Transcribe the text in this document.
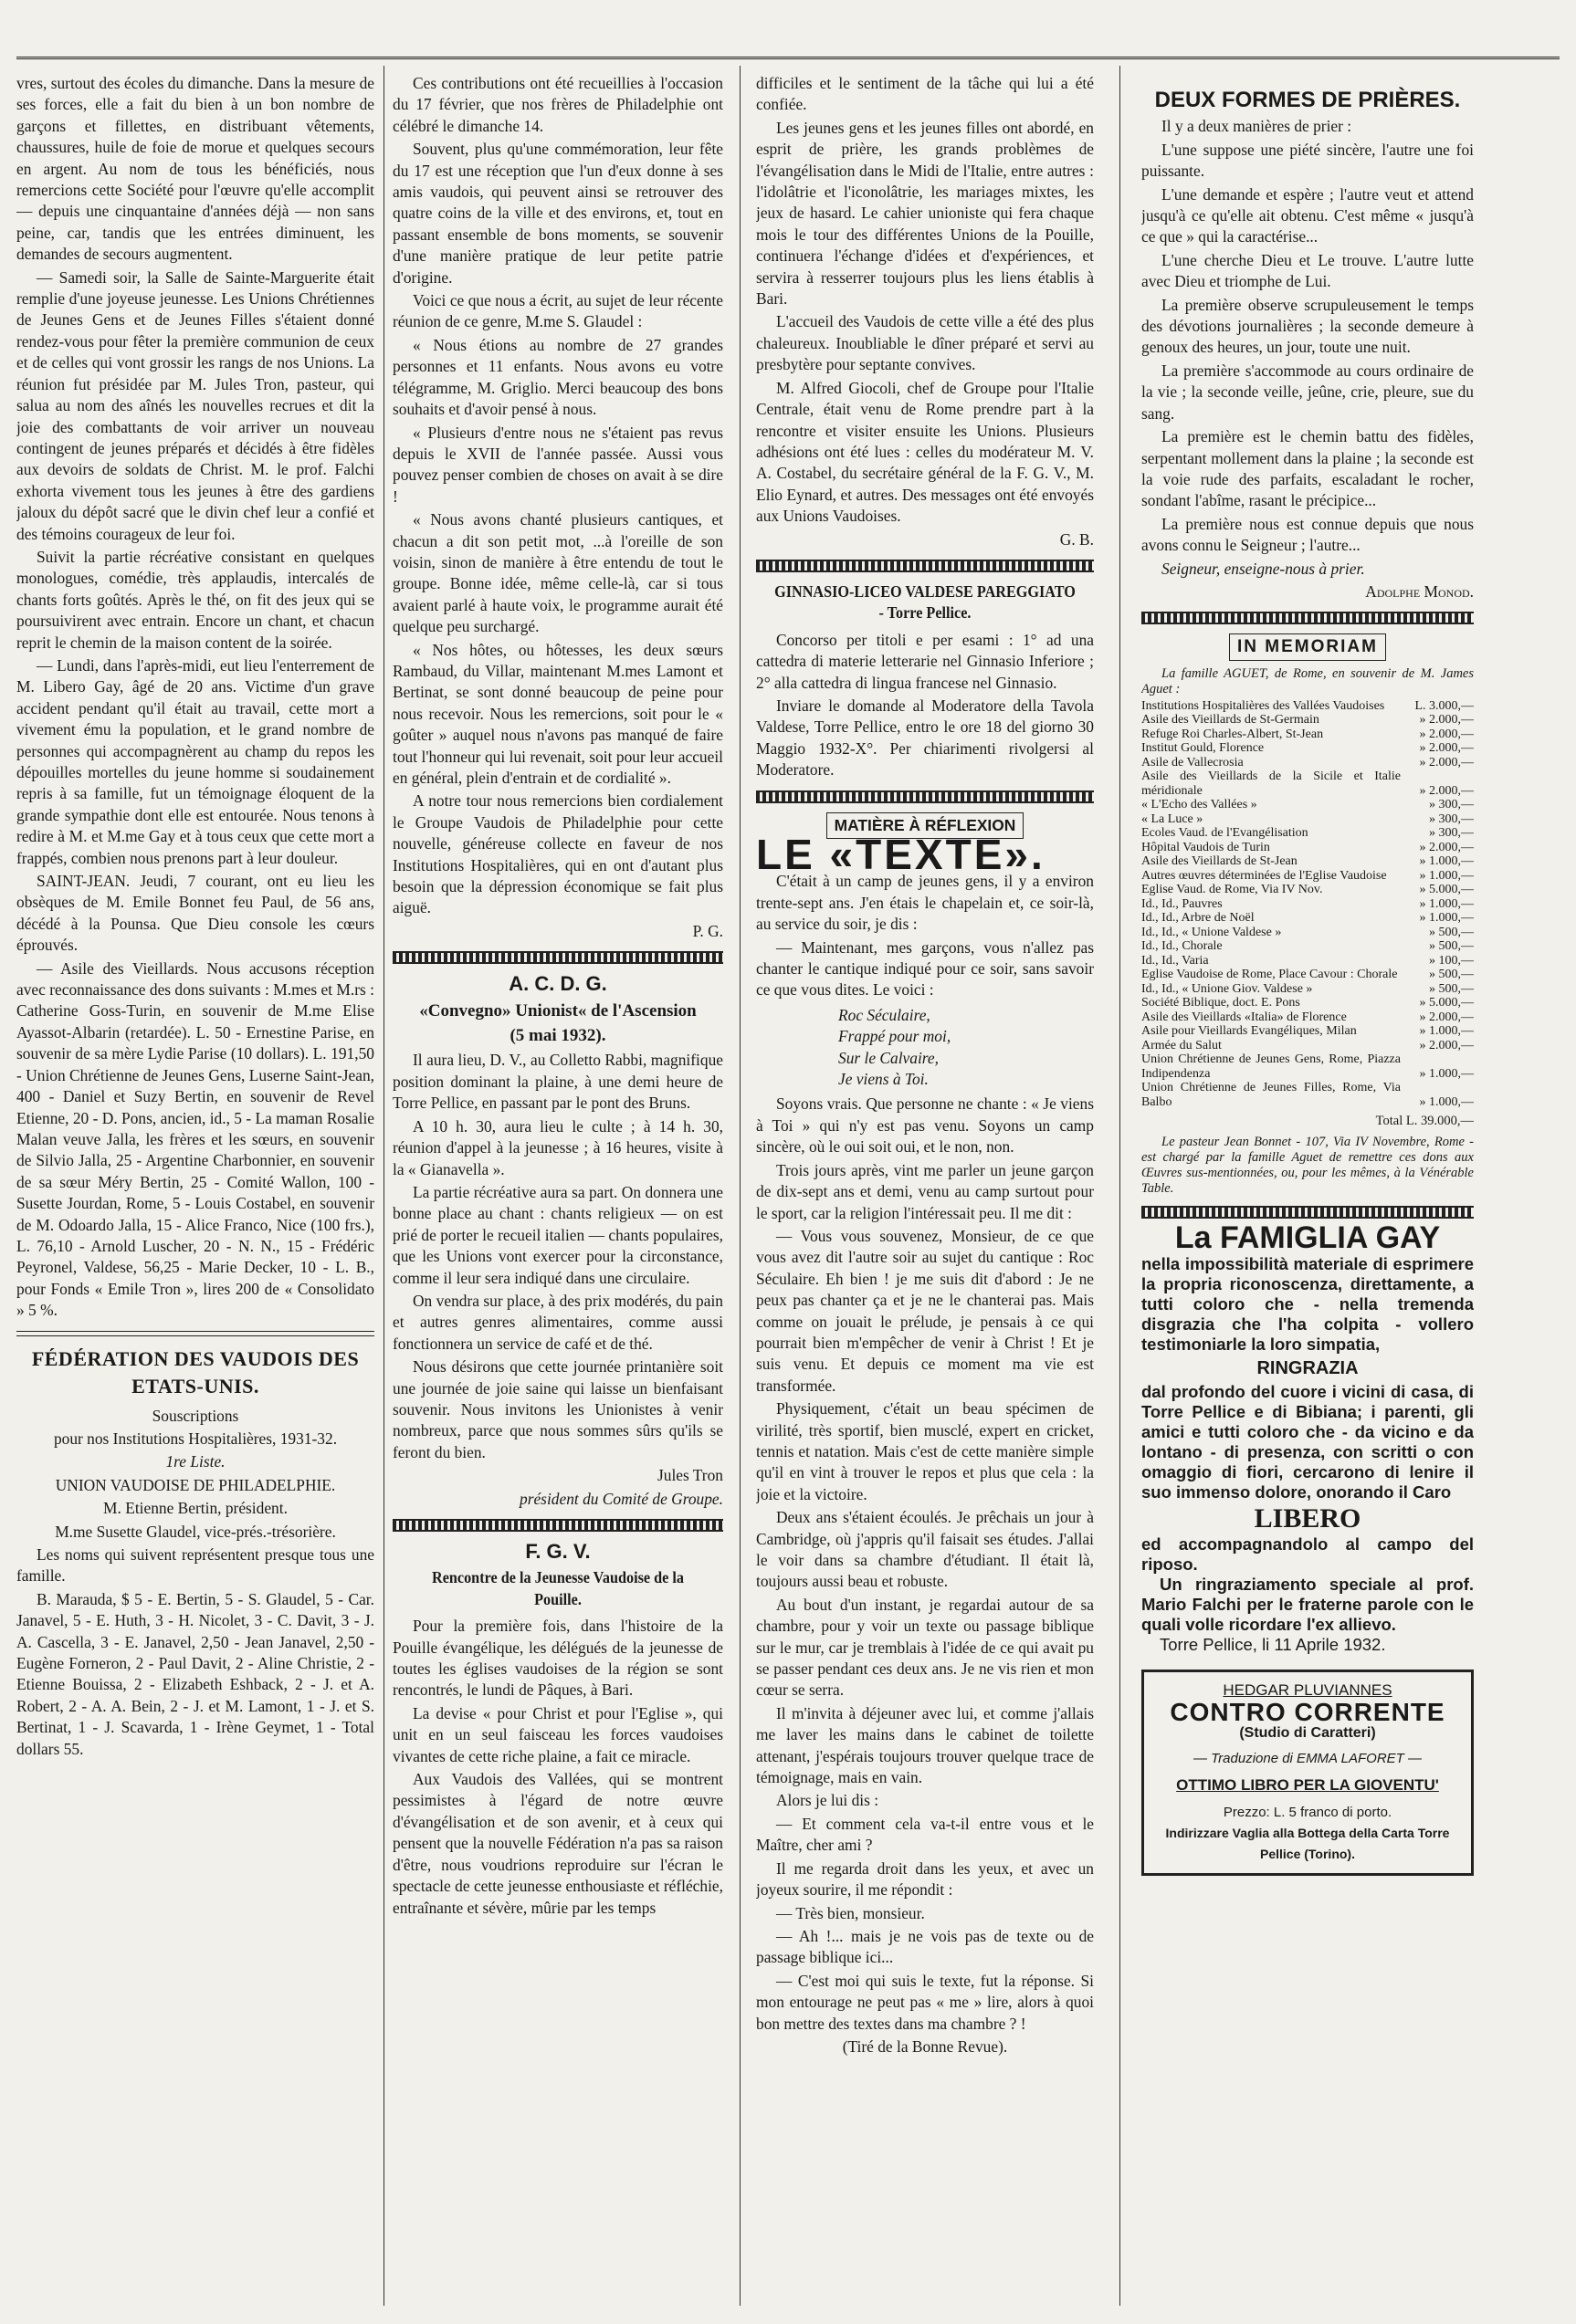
vres, surtout des écoles du dimanche. Dans la mesure de ses forces, elle a fait du bien à un bon nombre de garçons et fillettes, en distribuant vêtements, chaussures, huile de foie de morue et quelques secours en argent. Au nom de tous les bénéficiés, nous remercions cette Société pour l'œuvre qu'elle accomplit — depuis une cinquantaine d'années déjà — non sans peine, car, tandis que les entrées diminuent, les demandes de secours augmentent.

— Samedi soir, la Salle de Sainte-Marguerite était remplie d'une joyeuse jeunesse. Les Unions Chrétiennes de Jeunes Gens et de Jeunes Filles s'étaient donné rendez-vous pour fêter la première communion de ceux et de celles qui vont grossir les rangs de nos Unions. La réunion fut présidée par M. Jules Tron, pasteur, qui salua au nom des aînés les nouvelles recrues et dit la joie des combattants de voir arriver un nouveau contingent de jeunes préparés et décidés à être fidèles aux devoirs de soldats de Christ. M. le prof. Falchi exhorta vivement tous les jeunes à être des gardiens jaloux du dépôt sacré que le divin chef leur a confié et des témoins courageux de leur foi.

Suivit la partie récréative consistant en quelques monologues, comédie, très applaudis, intercalés de chants forts goûtés. Après le thé, on fit des jeux qui se poursuivirent avec entrain. Encore un chant, et chacun reprit le chemin de la maison content de la soirée.

— Lundi, dans l'après-midi, eut lieu l'enterrement de M. Libero Gay, âgé de 20 ans. Victime d'un grave accident pendant qu'il était au travail, cette mort a vivement ému la population, et le grand nombre de personnes qui accompagnèrent au champ du repos les dépouilles mortelles du jeune homme si soudainement repris à sa famille, fut un témoignage éloquent de la grande sympathie dont elle est entourée. Nous tenons à redire à M. et M.me Gay et à tous ceux que cette mort a frappés, combien nous prenons part à leur douleur.

SAINT-JEAN. Jeudi, 7 courant, ont eu lieu les obsèques de M. Emile Bonnet feu Paul, de 56 ans, décédé à la Pounsa. Que Dieu console les cœurs éprouvés.

— Asile des Vieillards. Nous accusons réception avec reconnaissance des dons suivants : M.mes et M.rs : Catherine Goss-Turin, en souvenir de M.me Elise Ayassot-Albarin (retardée). L. 50 - Ernestine Parise, en souvenir de sa mère Lydie Parise (10 dollars). L. 191,50 - Union Chrétienne de Jeunes Gens, Luserne Saint-Jean, 400 - Daniel et Suzy Bertin, en souvenir de Revel Etienne, 20 - D. Pons, ancien, id., 5 - La maman Rosalie Malan veuve Jalla, les frères et les sœurs, en souvenir de Silvio Jalla, 25 - Argentine Charbonnier, en souvenir de sa sœur Méry Bertin, 25 - Comité Wallon, 100 - Susette Jourdan, Rome, 5 - Louis Costabel, en souvenir de M. Odoardo Jalla, 15 - Alice Franco, Nice (100 frs.), L. 76,10 - Arnold Luscher, 20 - N. N., 15 - Frédéric Peyronel, Valdese, 56,25 - Marie Decker, 10 - L. B., pour Fonds « Emile Tron », lires 200 de « Consolidato » 5 %.

FÉDÉRATION DES VAUDOIS DES ETATS-UNIS.

Souscriptions

pour nos Institutions Hospitalières, 1931-32.

1re Liste.

UNION VAUDOISE DE PHILADELPHIE.

M. Etienne Bertin, président.

M.me Susette Glaudel, vice-prés.-trésorière.

Les noms qui suivent représentent presque tous une famille.

B. Marauda, $ 5 - E. Bertin, 5 - S. Glaudel, 5 - Car. Janavel, 5 - E. Huth, 3 - H. Nicolet, 3 - C. Davit, 3 - J. A. Cascella, 3 - E. Janavel, 2,50 - Jean Janavel, 2,50 - Eugène Forneron, 2 - Paul Davit, 2 - Aline Christie, 2 - Etienne Bouissa, 2 - Elizabeth Eshback, 2 - J. et A. Robert, 2 - A. A. Bein, 2 - J. et M. Lamont, 1 - J. et S. Bertinat, 1 - J. Scavarda, 1 - Irène Geymet, 1 - Total dollars 55.

Ces contributions ont été recueillies à l'occasion du 17 février, que nos frères de Philadelphie ont célébré le dimanche 14.

Souvent, plus qu'une commémoration, leur fête du 17 est une réception que l'un d'eux donne à ses amis vaudois, qui peuvent ainsi se retrouver des quatre coins de la ville et des environs, et, tout en passant ensemble de bons moments, se souvenir d'une manière pratique de leur petite patrie d'origine.

Voici ce que nous a écrit, au sujet de leur récente réunion de ce genre, M.me S. Glaudel :

« Nous étions au nombre de 27 grandes personnes et 11 enfants. Nous avons eu votre télégramme, M. Griglio. Merci beaucoup des bons souhaits et d'avoir pensé à nous.

« Plusieurs d'entre nous ne s'étaient pas revus depuis le XVII de l'année passée. Aussi vous pouvez penser combien de choses on avait à se dire !

« Nous avons chanté plusieurs cantiques, et chacun a dit son petit mot, ...à l'oreille de son voisin, sinon de manière à être entendu de tout le groupe. Bonne idée, même celle-là, car si tous avaient parlé à haute voix, le programme aurait été quelque peu surchargé.

« Nos hôtes, ou hôtesses, les deux sœurs Rambaud, du Villar, maintenant M.mes Lamont et Bertinat, se sont donné beaucoup de peine pour nous recevoir. Nous les remercions, soit pour le « goûter » auquel nous n'avons pas manqué de faire tout l'honneur qui lui revenait, soit pour leur accueil en général, plein d'entrain et de cordialité ».

A notre tour nous remercions bien cordialement le Groupe Vaudois de Philadelphie pour cette nouvelle, généreuse collecte en faveur de nos Institutions Hospitalières, qui en ont d'autant plus besoin que la dépression économique se fait plus aiguë.

P. G.

A. C. D. G.
«Convegno» Unionist« de l'Ascension
(5 mai 1932).

Il aura lieu, D. V., au Colletto Rabbi, magnifique position dominant la plaine, à une demi heure de Torre Pellice, en passant par le pont des Bruns.

A 10 h. 30, aura lieu le culte ; à 14 h. 30, réunion d'appel à la jeunesse ; à 16 heures, visite à la « Gianavella ».

La partie récréative aura sa part. On donnera une bonne place au chant : chants religieux — on est prié de porter le recueil italien — chants populaires, que les Unions vont exercer pour la circonstance, comme il leur sera indiqué dans une circulaire.

On vendra sur place, à des prix modérés, du pain et autres genres alimentaires, comme aussi fonctionnera un service de café et de thé.

Nous désirons que cette journée printanière soit une journée de joie saine qui laisse un bienfaisant souvenir. Nous invitons les Unionistes à venir nombreux, parce que nous sommes sûrs qu'ils se feront du bien.

Jules Tron

président du Comité de Groupe.

F. G. V.
Rencontre de la Jeunesse Vaudoise de la Pouille.

Pour la première fois, dans l'histoire de la Pouille évangélique, les délégués de la jeunesse de toutes les églises vaudoises de la région se sont rencontrés, le lundi de Pâques, à Bari.

La devise « pour Christ et pour l'Eglise », qui unit en un seul faisceau les forces vaudoises vivantes de cette riche plaine, a fait ce miracle.

Aux Vaudois des Vallées, qui se montrent pessimistes à l'égard de notre œuvre d'évangélisation et de son avenir, et à ceux qui pensent que la nouvelle Fédération n'a pas sa raison d'être, nous voudrions reproduire sur l'écran le spectacle de cette jeunesse enthousiaste et réfléchie, entraînante et sévère, mûrie par les temps

difficiles et le sentiment de la tâche qui lui a été confiée.

Les jeunes gens et les jeunes filles ont abordé, en esprit de prière, les grands problèmes de l'évangélisation dans le Midi de l'Italie, entre autres : l'idolâtrie et l'iconolâtrie, les mariages mixtes, les jeux de hasard. Le cahier unioniste qui fera chaque mois le tour des différentes Unions de la Pouille, continuera l'échange d'idées et d'expériences, et servira à resserrer toujours plus les liens établis à Bari.

L'accueil des Vaudois de cette ville a été des plus chaleureux. Inoubliable le dîner préparé et servi au presbytère pour septante convives.

M. Alfred Giocoli, chef de Groupe pour l'Italie Centrale, était venu de Rome prendre part à la rencontre et visiter ensuite les Unions. Plusieurs adhésions ont été lues : celles du modérateur M. V. A. Costabel, du secrétaire général de la F. G. V., M. Elio Eynard, et autres. Des messages ont été envoyés aux Unions Vaudoises.

G. B.

GINNASIO-LICEO VALDESE PAREGGIATO - Torre Pellice.

Concorso per titoli e per esami : 1° ad una cattedra di materie letterarie nel Ginnasio Inferiore ; 2° alla cattedra di lingua francese nel Ginnasio.

Inviare le domande al Moderatore della Tavola Valdese, Torre Pellice, entro le ore 18 del giorno 30 Maggio 1932-X°. Per chiarimenti rivolgersi al Moderatore.

MATIÈRE À RÉFLEXION
LE «TEXTE».

C'était à un camp de jeunes gens, il y a environ trente-sept ans. J'en étais le chapelain et, ce soir-là, au service du soir, je dis :

— Maintenant, mes garçons, vous n'allez pas chanter le cantique indiqué pour ce soir, sans savoir ce que vous dites. Le voici :

Roc Séculaire,
Frappé pour moi,
Sur le Calvaire,
Je viens à Toi.

Soyons vrais. Que personne ne chante : « Je viens à Toi » qui n'y est pas venu. Soyons un camp sincère, où le oui soit oui, et le non, non.

Trois jours après, vint me parler un jeune garçon de dix-sept ans et demi, venu au camp surtout pour le sport, car la religion l'intéressait peu. Il me dit :

— Vous vous souvenez, Monsieur, de ce que vous avez dit l'autre soir au sujet du cantique : Roc Séculaire. Eh bien ! je me suis dit d'abord : Je ne peux pas chanter ça et je ne le chanterai pas. Mais comme on jouait le prélude, je pensais à ce qui pourrait bien m'empêcher de venir à Christ ! Et je suis venu. Et depuis ce moment ma vie est transformée.

Physiquement, c'était un beau spécimen de virilité, très sportif, bien musclé, expert en cricket, tennis et natation. Mais c'est de cette manière simple qu'il en vint à trouver le repos et plus que cela : la joie et la victoire.

Deux ans s'étaient écoulés. Je prêchais un jour à Cambridge, où j'appris qu'il faisait ses études. J'allai le voir dans sa chambre d'étudiant. Il était là, toujours aussi beau et robuste.

Au bout d'un instant, je regardai autour de sa chambre, pour y voir un texte ou passage biblique sur le mur, car je tremblais à l'idée de ce qui avait pu se passer pendant ces deux ans. Je ne vis rien et mon cœur se serra.

Il m'invita à déjeuner avec lui, et comme j'allais me laver les mains dans le cabinet de toilette attenant, j'espérais toujours trouver quelque trace de témoignage, mais en vain.

Alors je lui dis :

— Et comment cela va-t-il entre vous et le Maître, cher ami ?

Il me regarda droit dans les yeux, et avec un joyeux sourire, il me répondit :

— Très bien, monsieur.

— Ah !... mais je ne vois pas de texte ou de passage biblique ici...

— C'est moi qui suis le texte, fut la réponse. Si mon entourage ne peut pas « me » lire, alors à quoi bon mettre des textes dans ma chambre ? !

(Tiré de la Bonne Revue).

DEUX FORMES DE PRIÈRES.

Il y a deux manières de prier :

L'une suppose une piété sincère, l'autre une foi puissante.

L'une demande et espère ; l'autre veut et attend jusqu'à ce qu'elle ait obtenu. C'est même « jusqu'à ce que » qui la caractérise...

L'une cherche Dieu et Le trouve. L'autre lutte avec Dieu et triomphe de Lui.

La première observe scrupuleusement le temps des dévotions journalières ; la seconde demeure à genoux des heures, un jour, toute une nuit.

La première s'accommode au cours ordinaire de la vie ; la seconde veille, jeûne, crie, pleure, sue du sang.

La première est le chemin battu des fidèles, serpentant mollement dans la plaine ; la seconde est la voie rude des parfaits, escaladant le rocher, sondant l'abîme, rasant le précipice...

La première nous est connue depuis que nous avons connu le Seigneur ; l'autre...

Seigneur, enseigne-nous à prier.

Adolphe Monod.

IN MEMORIAM

La famille AGUET, de Rome, en souvenir de M. James Aguet :

Institutions Hospitalières des Vallées Vaudoises	L. 3.000,—
Asile des Vieillards de St-Germain	» 2.000,—
Refuge Roi Charles-Albert, St-Jean	» 2.000,—
Institut Gould, Florence	» 2.000,—
Asile de Vallecrosia	» 2.000,—
Asile des Vieillards de la Sicile et Italie méridionale	» 2.000,—
« L'Echo des Vallées »	» 300,—
« La Luce »	» 300,—
Ecoles Vaud. de l'Evangélisation	» 300,—
Hôpital Vaudois de Turin	» 2.000,—
Asile des Vieillards de St-Jean	» 1.000,—
Autres œuvres déterminées de l'Eglise Vaudoise	» 1.000,—
Eglise Vaud. de Rome, Via IV Nov.	» 5.000,—
Id., Id., Pauvres	» 1.000,—
Id., Id., Arbre de Noël	» 1.000,—
Id., Id., « Unione Valdese »	» 500,—
Id., Id., Chorale	» 500,—
Id., Id., Varia	» 100,—
Eglise Vaudoise de Rome, Place Cavour : Chorale	» 500,—
Id., Id., « Unione Giov. Valdese »	» 500,—
Société Biblique, doct. E. Pons	» 5.000,—
Asile des Vieillards «Italia» de Florence	» 2.000,—
Asile pour Vieillards Evangéliques, Milan	» 1.000,—
Armée du Salut	» 2.000,—
Union Chrétienne de Jeunes Gens, Rome, Piazza Indipendenza	» 1.000,—
Union Chrétienne de Jeunes Filles, Rome, Via Balbo	» 1.000,—

Total L. 39.000,—

Le pasteur Jean Bonnet - 107, Via IV Novembre, Rome - est chargé par la famille Aguet de remettre ces dons aux Œuvres sus-mentionnées, ou, pour les mêmes, à la Vénérable Table.

La FAMIGLIA GAY
nella impossibilità materiale di esprimere la propria riconoscenza, direttamente, a tutti coloro che - nella tremenda disgrazia che l'ha colpita - vollero testimoniarle la loro simpatia,
RINGRAZIA
dal profondo del cuore i vicini di casa, di Torre Pellice e di Bibiana; i parenti, gli amici e tutti coloro che - da vicino e da lontano - di presenza, con scritti o con omaggio di fiori, cercarono di lenire il suo immenso dolore, onorando il Caro
LIBERO
ed accompagnandolo al campo del riposo.
Un ringraziamento speciale al prof. Mario Falchi per le fraterne parole con le quali volle ricordare l'ex allievo.
Torre Pellice, li 11 Aprile 1932.
HEDGAR PLUVIANNES
CONTRO CORRENTE
(Studio di Caratteri)
— Traduzione di EMMA LAFORET —
OTTIMO LIBRO PER LA GIOVENTU'
Prezzo: L. 5 franco di porto.
Indirizzare Vaglia alla Bottega della Carta Torre Pellice (Torino).
